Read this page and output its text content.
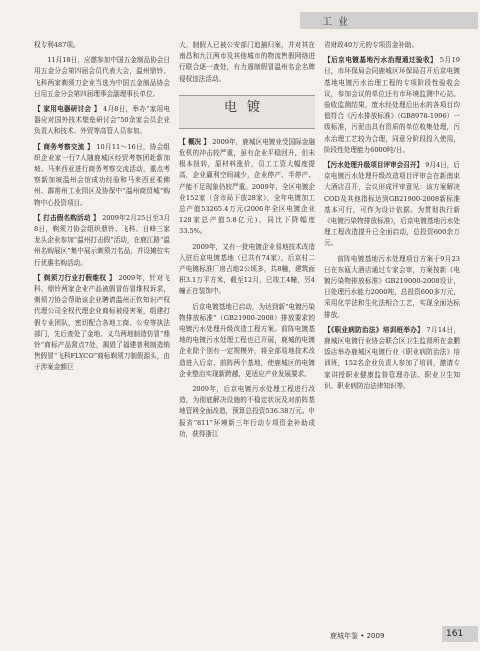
工业

权专利487项。

11月18日，应邀参加中国五金制品协会日用五金分会第四届会员代表大会，温州鼎铃、飞科两家剃须刀企业当选为中国五金制品协会日用五金分会第四届理事会副理事长单位。

【 家用电器研讨会 】 4月8日，举办“家用电器应对国外技术壁垒研讨会”50余家会员企业负责人和技术、外贸等高管人员参加。

【 商务考察交流 】 10月11～16日，协会组织企业家一行7人随鹿城区经贸考察团赴新加坡、马来西亚进行商务考察交流活动，重点考察新加坡温州会馆成功经验和马来西亚柔佛州、霹雳州工业园区及协保中“温州商贸城”购物中心投资项目。

【 打击假名购活动 】 2009年2月25日至3月8日，剃须刀协会组织鼎铃、飞科、日峰三家龙头企业参加“温州打击假”活动，在鹿江路“温州名购展区”集中展示剃须刀名品，并设摊位实行优惠名购活动。

【 剃须刀行业打假维权 】 2009年，针对飞科、鼎铃两家企业产品被假冒仿冒维权诉求，剃须刀协会帮助该企业聘请温州正钦知识产权代理公司全权代理企业商标被侵害案，组建打假专业团队，密切配合各地工商、公安等执法部门，先后查处了金地、义乌两地制造仿冒“鼎铃”商标产品窝点7处，揭毁了福建普利制造销售假冒“飞科FLYCO”商标剃须刀制假源头，由于涉案金额巨

大，制假人已被公安部门追捕归案，并对其在南昌和九江两市及其他城市的物流售假网络进行联合逐一查处，有力遏制假冒温州名企名牌侵权违法活动。

电镀

【 概况 】 2009年，鹿城区电镀业受国际金融危机的冲击较严重，虽有企业平稳回升，但未根本扭转，原材料涨价，员工工资大幅度提高，企业赢利空间减少，企业停产、半停产、产能不足现象仍较严重。2009年，全区电镀企业152家（含市局下放28家），全年电镀加工总产值53265.4万元(2006年全区电镀企业128家总产值5.8亿元)，同比下降幅度33.5%。

2009年，又有一批电镀企业易地技术改造入驻后京电镀基地（已共有74家），后京村二产电镀标准厂房占地2公顷多，共8幢，建筑面积3.1万平方米，截至12月，已竣工4幢，另4幢正在装饰中。

后京电镀基地已启动，为达到新“电镀污染物排放标准”（GB21900-2008）排放要求的电镀污水处理升级改造工程方案。前阵电镀基地的电镀污水处理工程也已开展，鹿城的电镀企业除个别有一定规模外，将全部易地技术改造进入后京、前阵两个基地，使鹿城区的电镀企业整治实现新跨越，更适应产业发展要求。

2009年，后京电镀污水处理工程进行改造，为彻底解决设施的不稳定状况及对前阵基地管网全面改造，预算总投资536.38万元。申报省“811”环境新三年行动专项资金补助成功，获得浙江

省财政40万元的专项资金补助。

【 后京电镀基地污水治理通过验收 】 5月19日，市环保局会同鹿城区环保局召开后京电镀基地电镀污水治理工程的专项阶段性验收会议，参加会议的单位还有市环境监测中心站。验收监测结果，废水经处理后出水的各项目均值符合《污水排放标准》（GB8978-1996）一级标准，污泥由具有资质的单位收集处理，污水治理工艺较为合理，同意分阶段投入使用，阶段性处理能力6000吨/日。

【 污水处理升级项目评审会召开 】 9月4日，后京电镀污水处理升级改造项目评审会在新南束大酒店召开，会议形成评审意见：该方案解决COD及其他指标达到GB21900-2008新标准基本可行，可作为设计依据。为贯彻执行新《电镀污染物排放标准》，后京电镀基地污水处理工程改造提升已全面启动，总投资600余万元。

前阵电镀基地污水处理项目方案于9月23日在东瓯大酒店通过专家会审，方案按新《电镀污染物排放标准》GB219000-2008设计，日处理污水能力2000吨，总投资600多万元，采用化学法和生化法相合工艺，实现全面达标排放。

【 《职业病防治法》培训班举办 】 7月14日，鹿城区电镀行业协会联合区卫生监督所在金鹏饭店举办鹿城区电镀行业《职业病防治法》培训班，152名企业负责人参加了培训，邀请专家讲授职业健康监督管理办法、职业卫生知识、职业病防治法律知识等。

鹿城年鉴 • 2009	161
